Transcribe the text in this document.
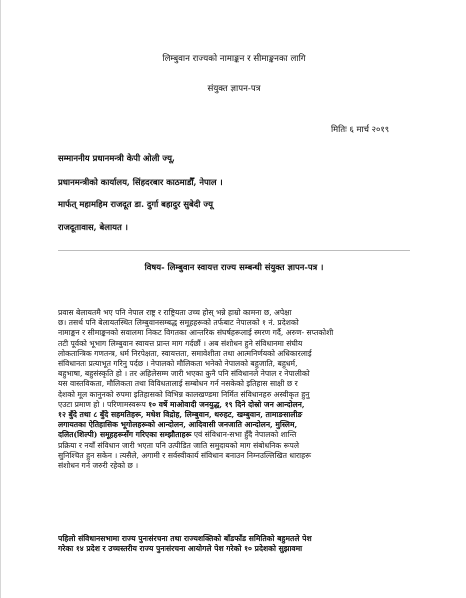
लिम्बुवान राज्यको नामाङ्कन र सीमाङ्कनका लागि
संयुक्त ज्ञापन-पत्र
मितिः ६ मार्च २०१९
सम्माननीय प्रधानमन्त्री केपी ओली ज्यू,
प्रधानमन्त्रीको कार्यालय, सिंहदरबार काठमाडौँ, नेपाल ।
मार्फत् महामहिम राजदूत डा. दुर्गा बहादुर सुबेदी ज्यू
राजदूतावास, बेलायत ।
विषय- लिम्बुवान स्वायत्त राज्य सम्बन्धी संयुक्त ज्ञापन-पत्र ।
प्रवास बेलायतमै भए पनि नेपाल राष्ट्र र राष्ट्रियता उच्च होस् भन्ने हाम्रो कामना छ, अपेक्षा
छ। तसर्थ पनि बेलायतस्थित लिम्बुवानसम्बद्ध समूहहरूको तर्फबाट नेपालको १ नं. प्रदेशको
नामाङ्कन र सीमाङ्कनको सवालमा निकट विगतका आन्तरिक संघर्षहरूलाई स्मरण गर्दै, अरुण- सप्तकोशी
तटी पूर्वको भूभाग लिम्बुवान स्वायत्त प्रान्त माग गर्दछौं । अब संशोधन हुने संविधानमा संघीय
लोकतान्त्रिक गणतन्त्र, धर्म निरपेक्षता, स्वायत्तता, समावेशीता तथा आत्मनिर्णयको अधिकारलाई
संविधानतः प्रत्याभूत गरिनु पर्दछ । नेपालको मौलिकता भनेको नेपालको बहुजाति, बहुधर्म,
बहुभाषा, बहुसंस्कृति हो । तर अहिलेसम्म जारी भएका कुनै पनि संविधानले नेपाल र नेपालीको
यस वास्तविकता, मौलिकता तथा विविधतालाई सम्बोधन गर्न नसकेको इतिहास साक्षी छ र
देशको मूल कानुनको रुपमा इतिहासको विभिन्न कालखण्डमा निर्मित संविधानहरु अस्वीकृत हुनु
एउटा प्रमाण हो । परिणामस्वरूप १० वर्षे माओवादी जनयुद्ध, १९ दिने दोस्रो जन आन्दोलन,
१२ बुँदे तथा ८ बुँदे सहमतिहरू, मधेश विद्रोह, लिम्बुवान, थरुहट, खम्बुवान, तामाङसालीङ
लगायतका ऐतिहासिक भूगोलहरूको आन्दोलन, आदिवासी जनजाति आन्दोलन, मुस्लिम,
दलित(शिल्पी) समूहहरूसँग गरिएका सम्झौताहरू एवं संविधान-सभा हुँदै नेपालको शान्ति
प्रक्रिया र नयाँ संविधान जारी भएता पनि उत्पीडित जाति समुदायको माग संबोधनिक रूपले
सुनिश्चित हुन सकेन । त्यसैले, अगामी र सर्वस्वीकार्य संविधान बनाउन निम्नउल्लिखित धाराहरू
संशोधन गर्न जरुरी रहेको छ ।
पहिलो संविधानसभामा राज्य पुनःसंरचना तथा राज्यशक्तिको बाँडफाँड समितिको बहुमतले पेश
गरेका १४ प्रदेश र उच्चस्तरीय राज्य पुनःसंरचना आयोगले पेश गरेको १० प्रदेशको सुझावमा
